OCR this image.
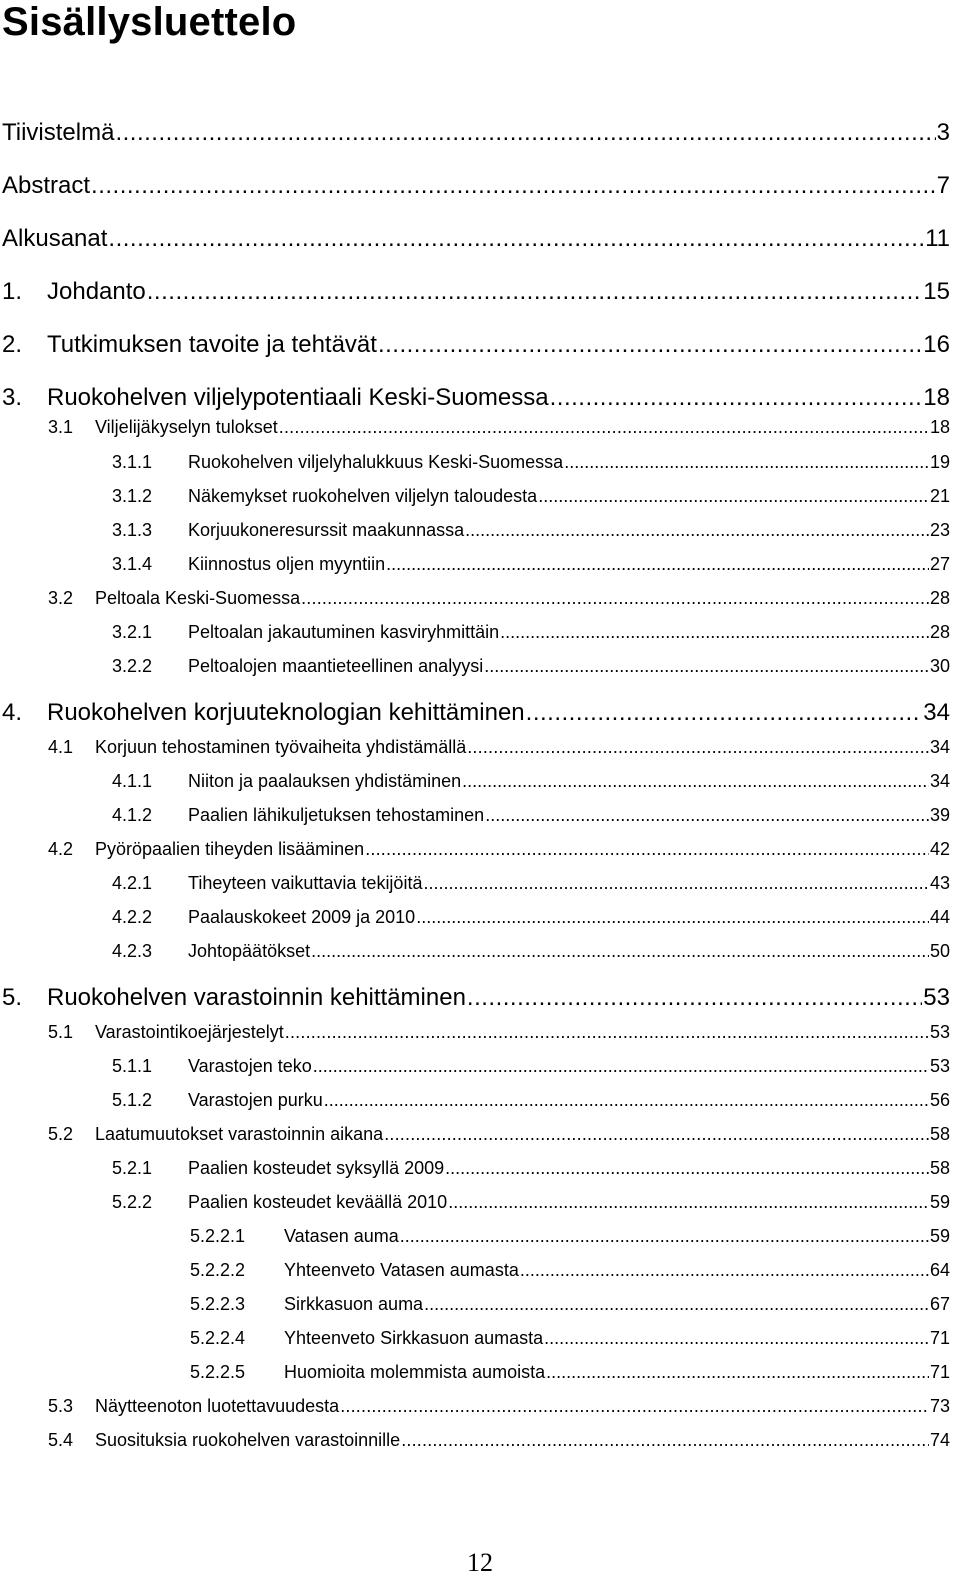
Sisällysluettelo
Tiivistelmä .....	3
Abstract .....	7
Alkusanat .....	11
1.	Johdanto .....	15
2.	Tutkimuksen tavoite ja tehtävät .....	16
3.	Ruokohelven viljelypotentiaali Keski-Suomessa .....	18
3.1	Viljelijäkyselyn tulokset .....	18
3.1.1	Ruokohelven viljelyhalukkuus Keski-Suomessa .....	19
3.1.2	Näkemykset ruokohelven viljelyn taloudesta .....	21
3.1.3	Korjuukoneresurssit maakunnassa .....	23
3.1.4	Kiinnostus oljen myyntiin .....	27
3.2	Peltoala Keski-Suomessa .....	28
3.2.1	Peltoalan jakautuminen kasviryhmittäin .....	28
3.2.2	Peltoalojen maantieteellinen analyysi .....	30
4.	Ruokohelven korjuuteknologian kehittäminen .....	34
4.1	Korjuun tehostaminen työvaiheita yhdistämällä .....	34
4.1.1	Niiton ja paalauksen yhdistäminen .....	34
4.1.2	Paalien lähikuljetuksen tehostaminen .....	39
4.2	Pyöröpaalien tiheyden lisääminen .....	42
4.2.1	Tiheyteen vaikuttavia tekijöitä .....	43
4.2.2	Paalauskokeet 2009 ja 2010 .....	44
4.2.3	Johtopäätökset .....	50
5.	Ruokohelven varastoinnin kehittäminen .....	53
5.1	Varastointikoejärjestelyt .....	53
5.1.1	Varastojen teko .....	53
5.1.2	Varastojen purku .....	56
5.2	Laatumuutokset varastoinnin aikana .....	58
5.2.1	Paalien kosteudet syksyllä 2009 .....	58
5.2.2	Paalien kosteudet keväällä 2010 .....	59
5.2.2.1	Vatasen auma .....	59
5.2.2.2	Yhteenveto Vatasen aumasta .....	64
5.2.2.3	Sirkkasuon auma .....	67
5.2.2.4	Yhteenveto Sirkkasuon aumasta .....	71
5.2.2.5	Huomioita molemmista aumoista .....	71
5.3	Näytteenoton luotettavuudesta .....	73
5.4	Suosituksia ruokohelven varastoinnille .....	74
12
